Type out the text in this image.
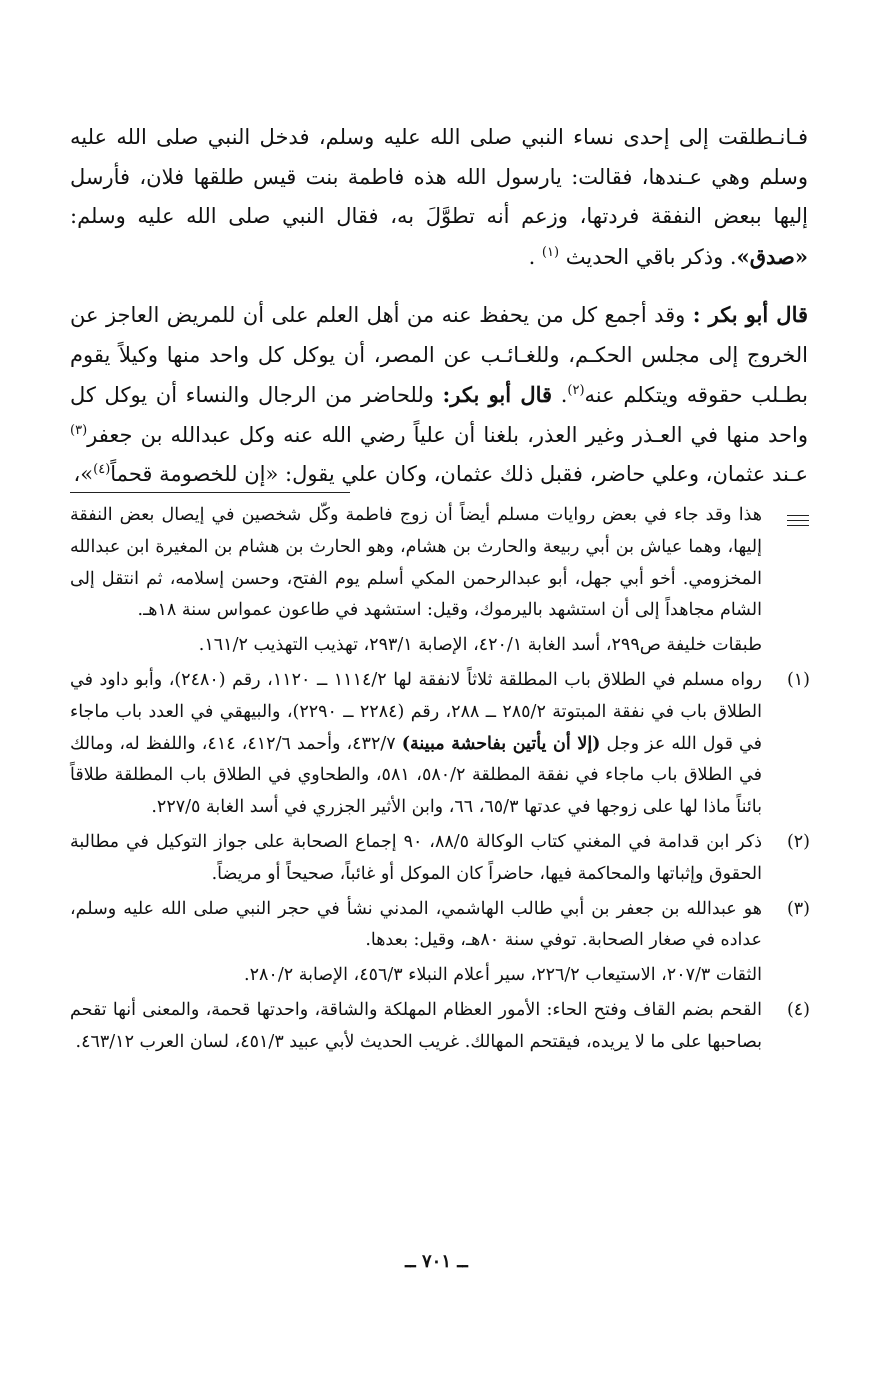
فـانـطلقت إلى إحدى نساء النبي صلى الله عليه وسلم، فدخل النبي صلى الله عليه وسلم وهي عـندها، فقالت: يارسول الله هذه فاطمة بنت قيس طلقها فلان، فأرسل إليها ببعض النفقة فردتها، وزعم أنه تطوَّلَ به، فقال النبي صلى الله عليه وسلم: «صدق». وذكر باقي الحديث $^{(١)}$ .

قال أبو بكر : وقد أجمع كل من يحفظ عنه من أهل العلم على أن للمريض العاجز عن الخروج إلى مجلس الحكـم، وللغـائـب عن المصر، أن يوكل كل واحد منها وكيلاً يقوم بطـلب حقوقه ويتكلم عنه$^{(٢)}$. قال أبو بكر: وللحاضر من الرجال والنساء أن يوكل كل واحد منها في العـذر وغير العذر، بلغنا أن علياً رضي الله عنه وكل عبدالله بن جعفر$^{(٣)}$ عـند عثمان، وعلي حاضر، فقبل ذلك عثمان، وكان علي يقول: «إن للخصومة قحماً$^{(٤)}$»،

هذا وقد جاء في بعض روايات مسلم أيضاً أن زوج فاطمة وكّل شخصين في إيصال بعض النفقة إليها، وهما عياش بن أبي ربيعة والحارث بن هشام، وهو الحارث بن هشام بن المغيرة ابن عبدالله المخزومي. أخو أبي جهل، أبو عبدالرحمن المكي أسلم يوم الفتح، وحسن إسلامه، ثم انتقل إلى الشام مجاهداً إلى أن استشهد باليرموك، وقيل: استشهد في طاعون عمواس سنة ١٨هـ.
طبقات خليفة ص٢٩٩، أسد الغابة ٤٢٠/١، الإصابة ٢٩٣/١، تهذيب التهذيب ١٦١/٢.
(١)
رواه مسلم في الطلاق باب المطلقة ثلاثاً لانفقة لها ١١١٤/٢ ــ ١١٢٠، رقم (٢٤٨٠)، وأبو داود في الطلاق باب في نفقة المبتوتة ٢٨٥/٢ ــ ٢٨٨، رقم (٢٢٨٤ ــ ٢٢٩٠)، والبيهقي في العدد باب ماجاء في قول الله عز وجل (إلا أن يأتين بفاحشة مبينة) ٤٣٢/٧، وأحمد ٤١٢/٦، ٤١٤، واللفظ له، ومالك في الطلاق باب ماجاء في نفقة المطلقة ٥٨٠/٢، ٥٨١، والطحاوي في الطلاق باب المطلقة طلاقاً بائناً ماذا لها على زوجها في عدتها ٦٥/٣، ٦٦، وابن الأثير الجزري في أسد الغابة ٢٢٧/٥.
(٢)
ذكر ابن قدامة في المغني كتاب الوكالة ٨٨/٥، ٩٠ إجماع الصحابة على جواز التوكيل في مطالبة الحقوق وإثباتها والمحاكمة فيها، حاضراً كان الموكل أو غائباً، صحيحاً أو مريضاً.
(٣)
هو عبدالله بن جعفر بن أبي طالب الهاشمي، المدني نشأ في حجر النبي صلى الله عليه وسلم، عداده في صغار الصحابة. توفي سنة ٨٠هـ، وقيل: بعدها.
الثقات ٢٠٧/٣، الاستيعاب ٢٢٦/٢، سير أعلام النبلاء ٤٥٦/٣، الإصابة ٢٨٠/٢.
(٤)
القحم بضم القاف وفتح الحاء: الأمور العظام المهلكة والشاقة، واحدتها قحمة، والمعنى أنها تقحم بصاحبها على ما لا يريده، فيقتحم المهالك. غريب الحديث لأبي عبيد ٤٥١/٣، لسان العرب ٤٦٣/١٢.
ــ ٧٠١ ــ
